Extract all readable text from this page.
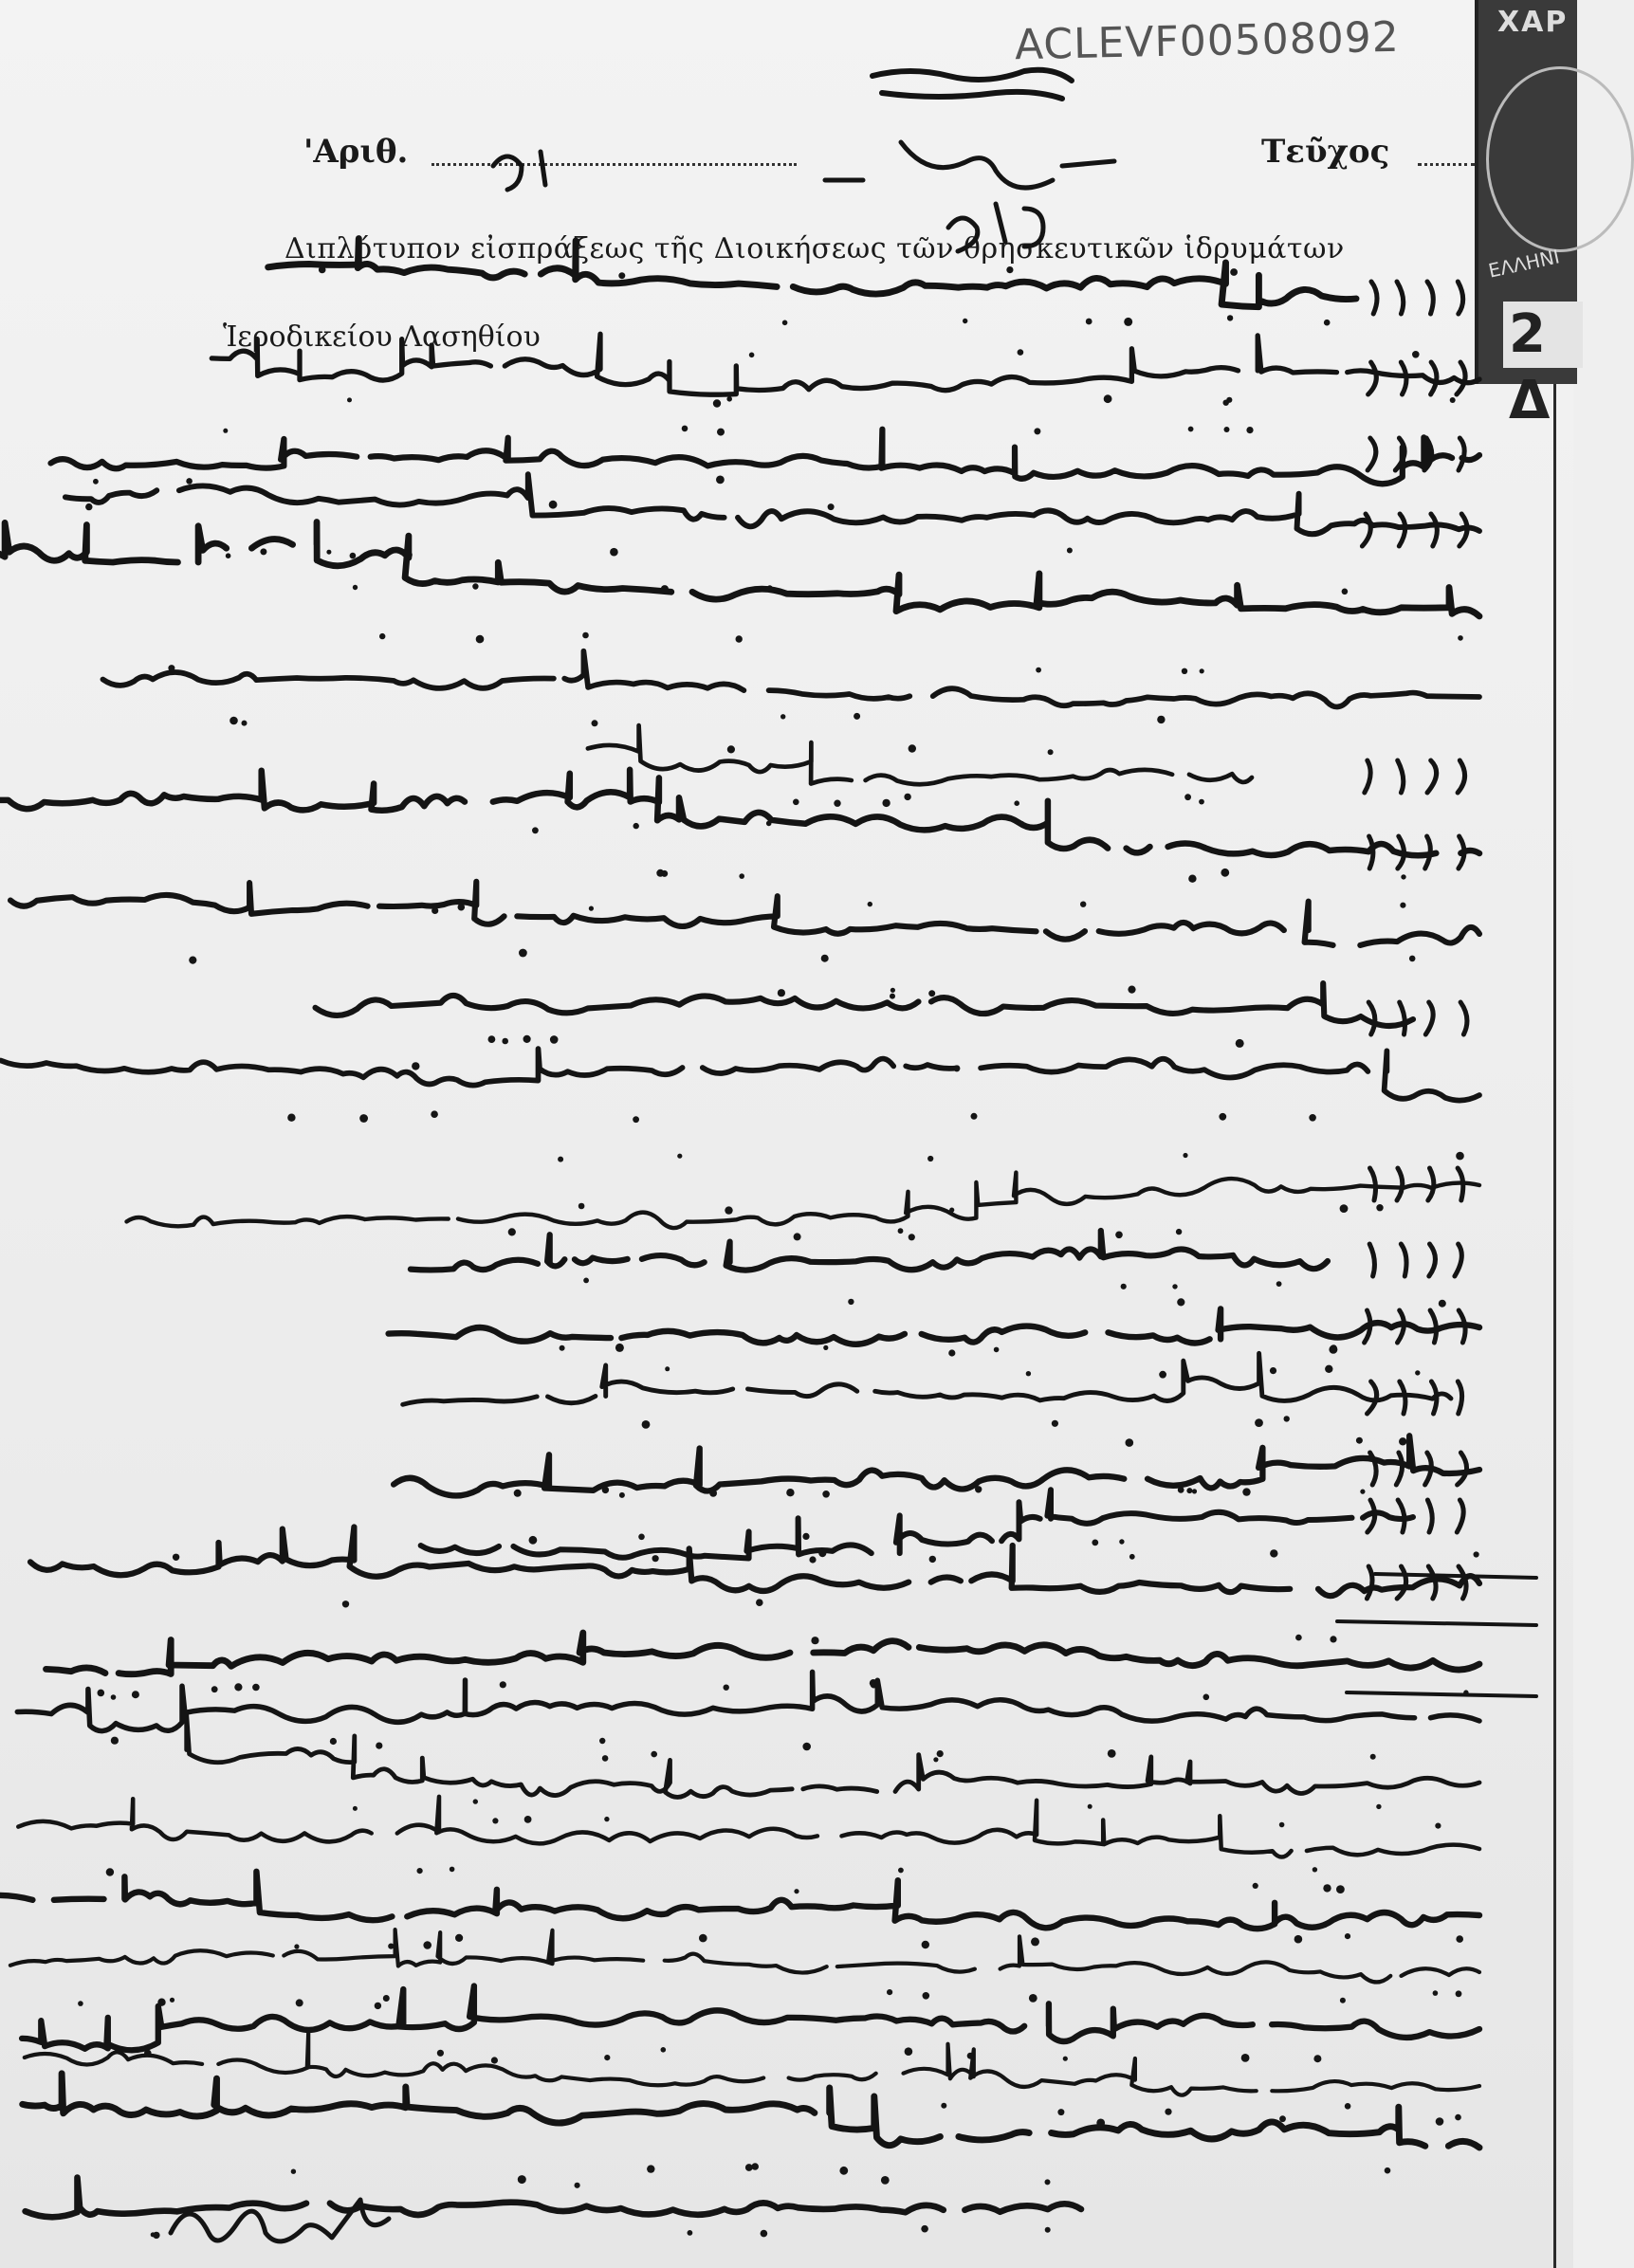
ACLEVF00508092
'Αριθ.	Τεῦχος
Διπλότυπον εἰσπράξεως τῆς Διοικήσεως τῶν θρησκευτικῶν ἱδρυμάτων
Ἱεροδικείου Λασηθίου
ΧΑΡ
ΕΛΛΗΝΙ
2 Δ
